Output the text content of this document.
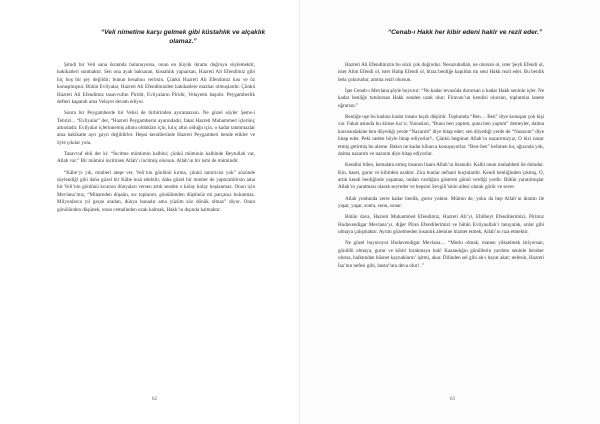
“Veli nimetine karşı gelmek gibi küstahlık ve alçaklık olamaz.”

Şimdi bir Veli sana ikramda bulunuyorsa, onun en büyük ikramı doğruyu söylemektir, hakikatleri sunmaktır. Sen ona ayak baksaran, küstahlık yapıarsan, Hazreti Ali Efendimiz gibi hiç hoş bir şey değildir; bunun hesabını verirsin. Çünkü Hazreti Ali Efendimiz kısı ve öz konuşmuştur. Bütün Evliyalar, Hazreti Ali Efendimizden hakikatlere mazhar olmuşlardır. Çünkü Hazreti Ali Efendimiz tasavvufun Pîridir, Evliyaların Pîridir, Velayetin başıdır. Peygamberlik defteri kapandı ama Velayet devam ediyor.

Sonra bir Peygamberde bir Velisi de birbirinden ayıramazsın. Ne güzel söyler Şems-i Tebrizi... “Evliyalar” der, “Hazreti Peygamberin ayarındadır, fakat Hazreti Muhammed içleriniç altındadır. Evliyalar içlerinnemiş altınu oldukları için, kılıç altın olduğu için, o kadar tanmmazlar ama hakikatte ayrı gayrı değildirler. Hepsi kendilerinde Hazreti Peygamberi bende etikler ve öyle çıkılar yola.

Tasavvuf ehli der ki: “İncitme mümimin kalbini; çünkü müminin kalbinde Beytullah var, Allah var.” Bir mümini incitirsen Allah’ı incitmiş olursun. Allah’ın bir ismi de mümindir.

“Kâbe’yi yık, minberi ateşe ver, Veli’nin gönlünü kırma, çünkü tamiricisi yok” sözünde söylendiği gibi daha güzel bir Kâbe insâ edebilir, daha güzel bir minber de yaptırabilirsin ama bir Veli’nin gönlünü kırarsın dünyaları versen artık senden o kolay kolay hoşlanmaz. Onun için Mevlana’mız, “Minareden düşsün, sız toplarım, gönülümden düştünüz mi parçanız bulunmaz. Milyonlarca yıl geçse aradan, dünya bunadır ama yüzüm söz dönük olmaz” diyor. Onun gönülünden düşünek, onun cemalinden uzak kalmak, Hakk’ın dışında kalmaktır.

62
“Cenab-ı Hakk her kibir edeni hakîr ve rezil eder.”

Hazreti Ali Efendimizin bu sözü çok doğrudur. Nesuzuballah, ne olursan ol, ister Şeyh Efendi ol, ister Alim Efendi ol, ister Hatip Efendi ol, biraz benliğe kapıldın mı seni Hakk rezil eder. Bu benlik bela çukurudur, amma rezil olursun.

İşte Cenab-ı Mevlana şöyle buyurur: “Ne kadar tevazûda durursan o kadar Hakk seninle içler. Ne kadar benliğe tutulursan Hakk senden uzak olur; Firavun’un kendisi olursun, toplumlıa lanete uğrarsın.”

Benliğe uşe bu kadara kadar insanı kıçık düşürür. Toplumda “Ben… Ben” diye konuşan çok kişi var. Fakat astında bu kimse kız’ır. Yunusları, “Bunu ben yaptım, şunu ben yaptım” demeyler, daima karsısındakine ben düyedığı yerde “Nazarım” diye hitap eder; sen düyedıği yerde de “Nazarım” diye hitap eder. Peki neden böyle hitap ediyorlar?.. Çünkü heşpinut Allah’ın nazarımızyız, O bizi nazar etmiş getirmiş bu aleme. Bakın ne kadar kibarca konuşuyorlar. “Ben-Sen” kelimen hıç ağızında yok, daima nazarım ve nazarın diye hitap ediyorlar.

Kendini bilen, kemalata ermiş insanın lisanı Allah’ın lisanıdır. Kalbi onun muhabbeti ile doludur. Kin, haset, gurur ve kibirden uzaktır. Zira bunlar nefsani buçtulardır. Kendi benliğinden çıkmış, O, artık kendi benliğinde yaşamaz, ondan vardiğını gösterm gönül verdiği yerdir. Bütün yaratılmışlar Allah’ın yaratması olarak seyreder ve hepsini Sevgili’sinin ailesi olarak görür ve sever.

Allah yındunda zerre kadar benlik, gurur yoktur. Mümin de, yoku da hep Allah’ın ikramı ile yaşar, yaşar, sonra, sonu, sonar.

Bütün dava, Hazreti Muhammed Efendimiz, Hazreti Ali’yi, Ehlibeyt Efendilerimizi, Pîrimiz Hudavendigar Mevlana’yı, diğer Pîran Efendilerimizi ve bütün Evliyaullah’ı tanıyarak, onlar gibi olmaya çalışmaktır. Ayrım gözetmeden insanlık alemine hizmet etmek, Allah’ın rıza etmektir.

Ne güzel buyuruyor Hudavendigar Mevlana… “Mutlu olmak, manen yükselmek istiyorsan, gönüllü olmaya, gurur ve kibiri bırakmaya bak! Kazandığın gönüllerin yardımı seninle beraber olursa, halktından hüsnet kaynakların’ işitmi, akar. Dilinden sel gibi ab-ı hayat akar; nefesin, Hazreti İsa’nın nefesi gibi, hasta¹¹ara deva olur!..”

63
